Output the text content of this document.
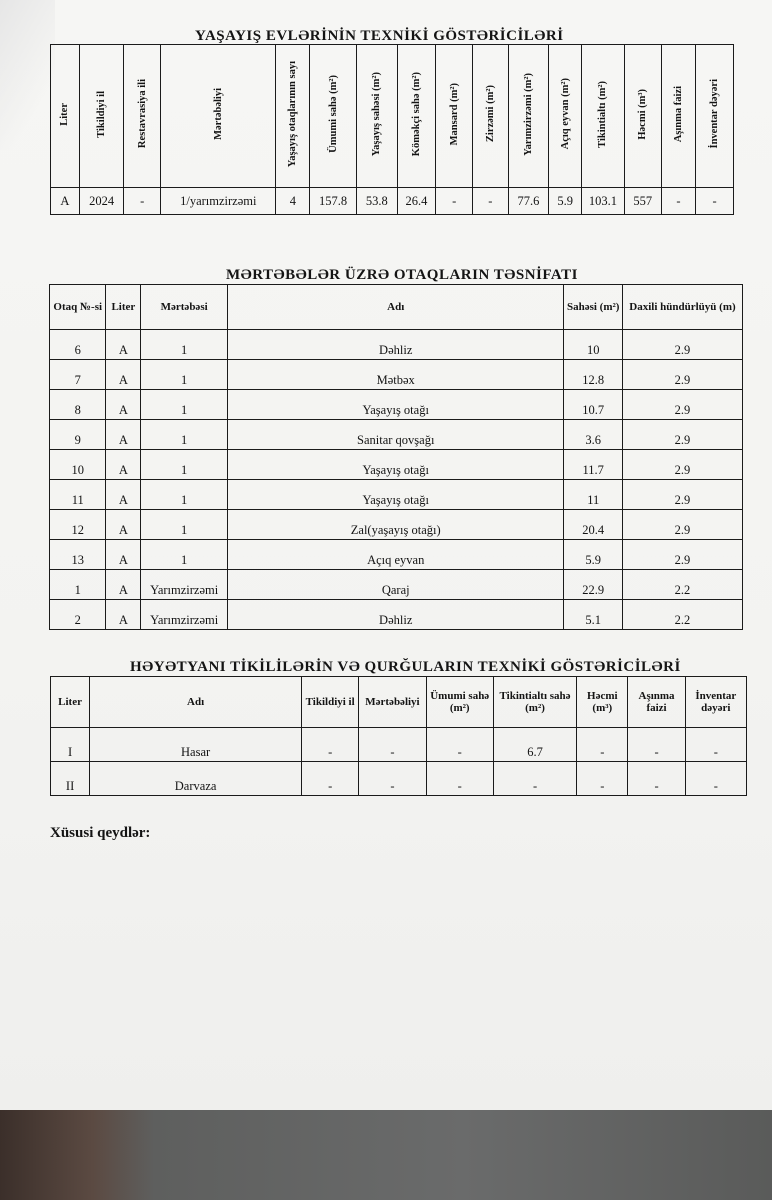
YAŞAYIŞ EVLƏRİNİN TEXNİKİ GÖSTƏRİCİLƏRİ
Liter	Tikildiyi il	Restavrasiya ili	Mərtəbəliyi	Yaşayış otaqlarının sayı	Ümumi sahə (m²)	Yaşayış sahəsi (m²)	Köməkçi sahə (m²)	Mansard (m²)	Zirzəmi (m²)	Yarımzirzəmi (m²)	Açıq eyvan (m²)	Tikintialtı (m²)	Həcmi (m³)	Aşınma faizi	İnventar dəyəri
A	2024	-	1/yarımzirzəmi	4	157.8	53.8	26.4	-	-	77.6	5.9	103.1	557	-	-
MƏRTƏBƏLƏR ÜZRƏ OTAQLARIN TƏSNİFATI
Otaq №-si	Liter	Mərtəbəsi	Adı	Sahəsi (m²)	Daxili hündürlüyü (m)
6	A	1	Dəhliz	10	2.9
7	A	1	Mətbəx	12.8	2.9
8	A	1	Yaşayış otağı	10.7	2.9
9	A	1	Sanitar qovşağı	3.6	2.9
10	A	1	Yaşayış otağı	11.7	2.9
11	A	1	Yaşayış otağı	11	2.9
12	A	1	Zal(yaşayış otağı)	20.4	2.9
13	A	1	Açıq eyvan	5.9	2.9
1	A	Yarımzirzəmi	Qaraj	22.9	2.2
2	A	Yarımzirzəmi	Dəhliz	5.1	2.2
HƏYƏTYANI TİKİLİLƏRİN VƏ QURĞULARIN TEXNİKİ GÖSTƏRİCİLƏRİ
Liter	Adı	Tikildiyi il	Mərtəbəliyi	Ümumi sahə (m²)	Tikintialtı sahə (m²)	Həcmi (m³)	Aşınma faizi	İnventar dəyəri
I	Hasar	-	-	-	6.7	-	-	-
II	Darvaza	-	-	-	-	-	-	-
Xüsusi qeydlər:
